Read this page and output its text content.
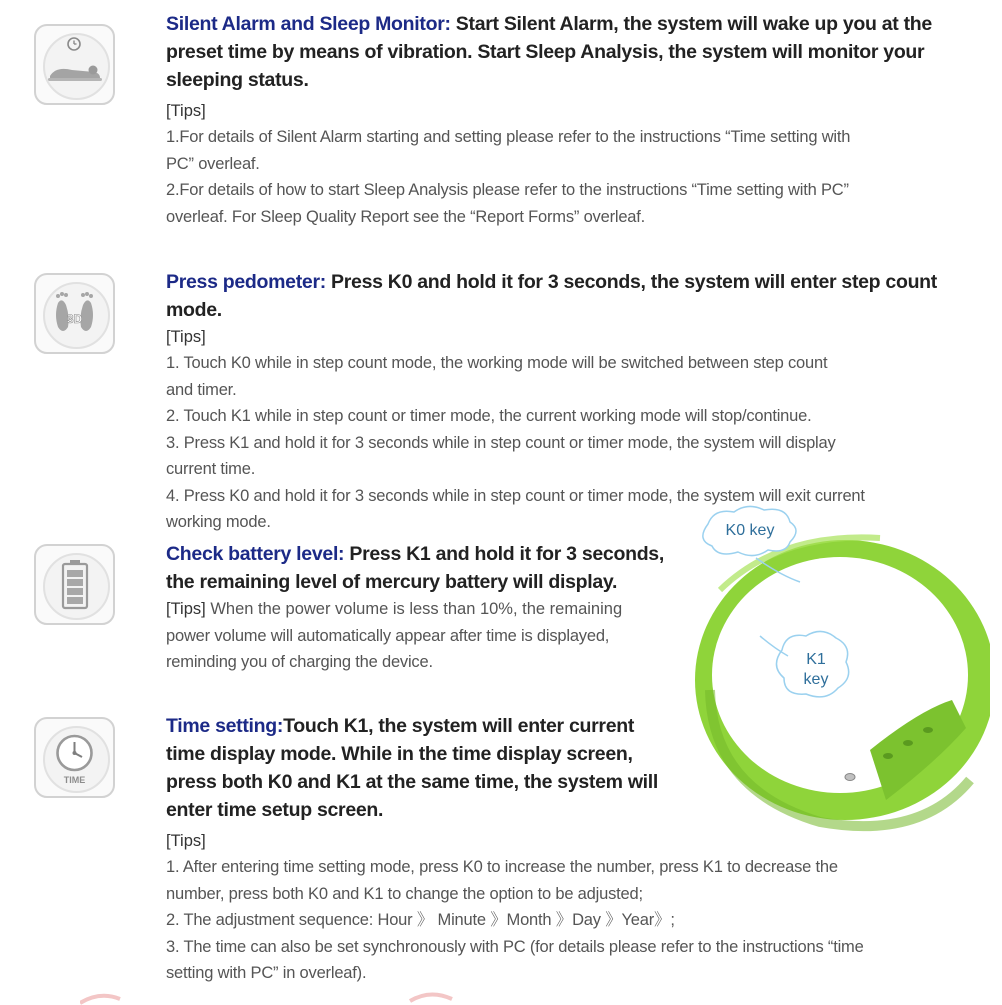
3D
TIME
Silent Alarm and Sleep Monitor: Start Silent Alarm, the system will wake up you at the
preset time by means of vibration. Start Sleep Analysis, the system will monitor your
sleeping status.
[Tips]
1.For details of Silent Alarm starting and setting please refer to the instructions “Time setting with
PC” overleaf.
2.For details of how to start Sleep Analysis please refer to the instructions “Time setting with PC”
overleaf. For Sleep Quality Report see the “Report Forms” overleaf.
Press pedometer: Press K0 and hold it for 3 seconds, the system will enter step count mode.
[Tips]
1. Touch K0 while in step count mode, the working mode will be switched between step count
and timer.
2. Touch K1 while in step count or timer mode, the current working mode will stop/continue.
3. Press K1 and hold it for 3 seconds while in step count or timer mode, the system will display
current time.
4. Press K0 and hold it for 3 seconds while in step count or timer mode, the system will exit current
working mode.
Check battery level: Press K1 and hold it for 3 seconds,
the remaining level of mercury battery will display.
[Tips] When the power volume is less than 10%, the remaining
power volume will automatically appear after time is displayed,
reminding you of charging the device.
Time setting:Touch K1, the system will enter current
time display mode. While in the time display screen,
press both K0 and K1 at the same time, the system will
enter time setup screen.
[Tips]
1. After entering time setting mode, press K0 to increase the number, press K1 to decrease the
number, press both K0 and K1 to change the option to be adjusted;
2. The adjustment sequence: Hour 》 Minute 》Month 》Day 》Year》;
3. The time can also be set synchronously with PC (for details please refer to the instructions “time
setting with PC” in overleaf).
K0 key
K1
key
